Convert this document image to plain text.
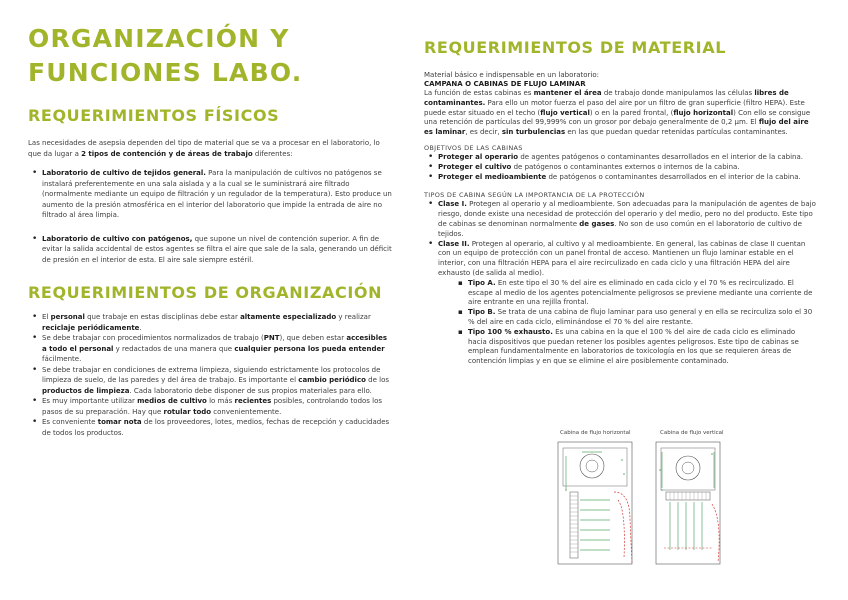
ORGANIZACIÓN Y
FUNCIONES LABO.
REQUERIMIENTOS FÍSICOS

Las necesidades de asepsia dependen del tipo de material que se va a procesar en el laboratorio, lo que da lugar a 2 tipos de contención y de áreas de trabajo diferentes:

• Laboratorio de cultivo de tejidos general. Para la manipulación de cultivos no patógenos se instalará preferentemente en una sala aislada y a la cual se le suministrará aire filtrado (normalmente mediante un equipo de filtración y un regulador de la temperatura). Esto produce un aumento de la presión atmosférica en el interior del laboratorio que impide la entrada de aire no filtrado al área limpia.
• Laboratorio de cultivo con patógenos, que supone un nivel de contención superior. A fin de evitar la salida accidental de estos agentes se filtra el aire que sale de la sala, generando un déficit de presión en el interior de esta. El aire sale siempre estéril.
REQUERIMIENTOS DE ORGANIZACIÓN
• El personal que trabaje en estas disciplinas debe estar altamente especializado y realizar reciclaje periódicamente.
• Se debe trabajar con procedimientos normalizados de trabajo (PNT), que deben estar accesibles a todo el personal y redactados de una manera que cualquier persona los pueda entender fácilmente.
• Se debe trabajar en condiciones de extrema limpieza, siguiendo estrictamente los protocolos de limpieza de suelo, de las paredes y del área de trabajo. Es importante el cambio periódico de los productos de limpieza. Cada laboratorio debe disponer de sus propios materiales para ello.
• Es muy importante utilizar medios de cultivo lo más recientes posibles, controlando todos los pasos de su preparación. Hay que rotular todo convenientemente.
• Es conveniente tomar nota de los proveedores, lotes, medios, fechas de recepción y caducidades de todos los productos.
REQUERIMIENTOS DE MATERIAL

Material básico e indispensable en un laboratorio:

CAMPANA O CABINAS DE FLUJO LAMINAR

La función de estas cabinas es mantener el área de trabajo donde manipulamos las células libres de contaminantes. Para ello un motor fuerza el paso del aire por un filtro de gran superficie (filtro HEPA). Este puede estar situado en el techo (flujo vertical) o en la pared frontal, (flujo horizontal) Con ello se consigue una retención de partículas del 99,999% con un grosor por debajo generalmente de 0,2 µm. El flujo del aire es laminar, es decir, sin turbulencias en las que puedan quedar retenidas partículas contaminantes.

OBJETIVOS DE LAS CABINAS
• Proteger al operario de agentes patógenos o contaminantes desarrollados en el interior de la cabina.
• Proteger el cultivo de patógenos o contaminantes externos o internos de la cabina.
• Proteger el medioambiente de patógenos o contaminantes desarrollados en el interior de la cabina.
TIPOS DE CABINA SEGÚN LA IMPORTANCIA DE LA PROTECCIÓN
• Clase I. Protegen al operario y al medioambiente. Son adecuadas para la manipulación de agentes de bajo riesgo, donde existe una necesidad de protección del operario y del medio, pero no del producto. Este tipo de cabinas se denominan normalmente de gases. No son de uso común en el laboratorio de cultivo de tejidos.
• Clase II. Protegen al operario, al cultivo y al medioambiente. En general, las cabinas de clase II cuentan con un equipo de protección con un panel frontal de acceso. Mantienen un flujo laminar estable en el interior, con una filtración HEPA para el aire recirculizado en cada ciclo y una filtración HEPA del aire exhausto (de salida al medio).
▪ Tipo A. En este tipo el 30 % del aire es eliminado en cada ciclo y el 70 % es recirculizado. El escape al medio de los agentes potencialmente peligrosos se previene mediante una corriente de aire entrante en una rejilla frontal.
▪ Tipo B. Se trata de una cabina de flujo laminar para uso general y en ella se recirculiza solo el 30 % del aire en cada ciclo, eliminándose el 70 % del aire restante.
▪ Tipo 100 % exhausto. Es una cabina en la que el 100 % del aire de cada ciclo es eliminado hacia dispositivos que puedan retener los posibles agentes peligrosos. Este tipo de cabinas se emplean fundamentalmente en laboratorios de toxicología en los que se requieren áreas de contención limpias y en que se elimine el aire posiblemente contaminado.
Cabina de flujo horizontal	Cabina de flujo vertical
